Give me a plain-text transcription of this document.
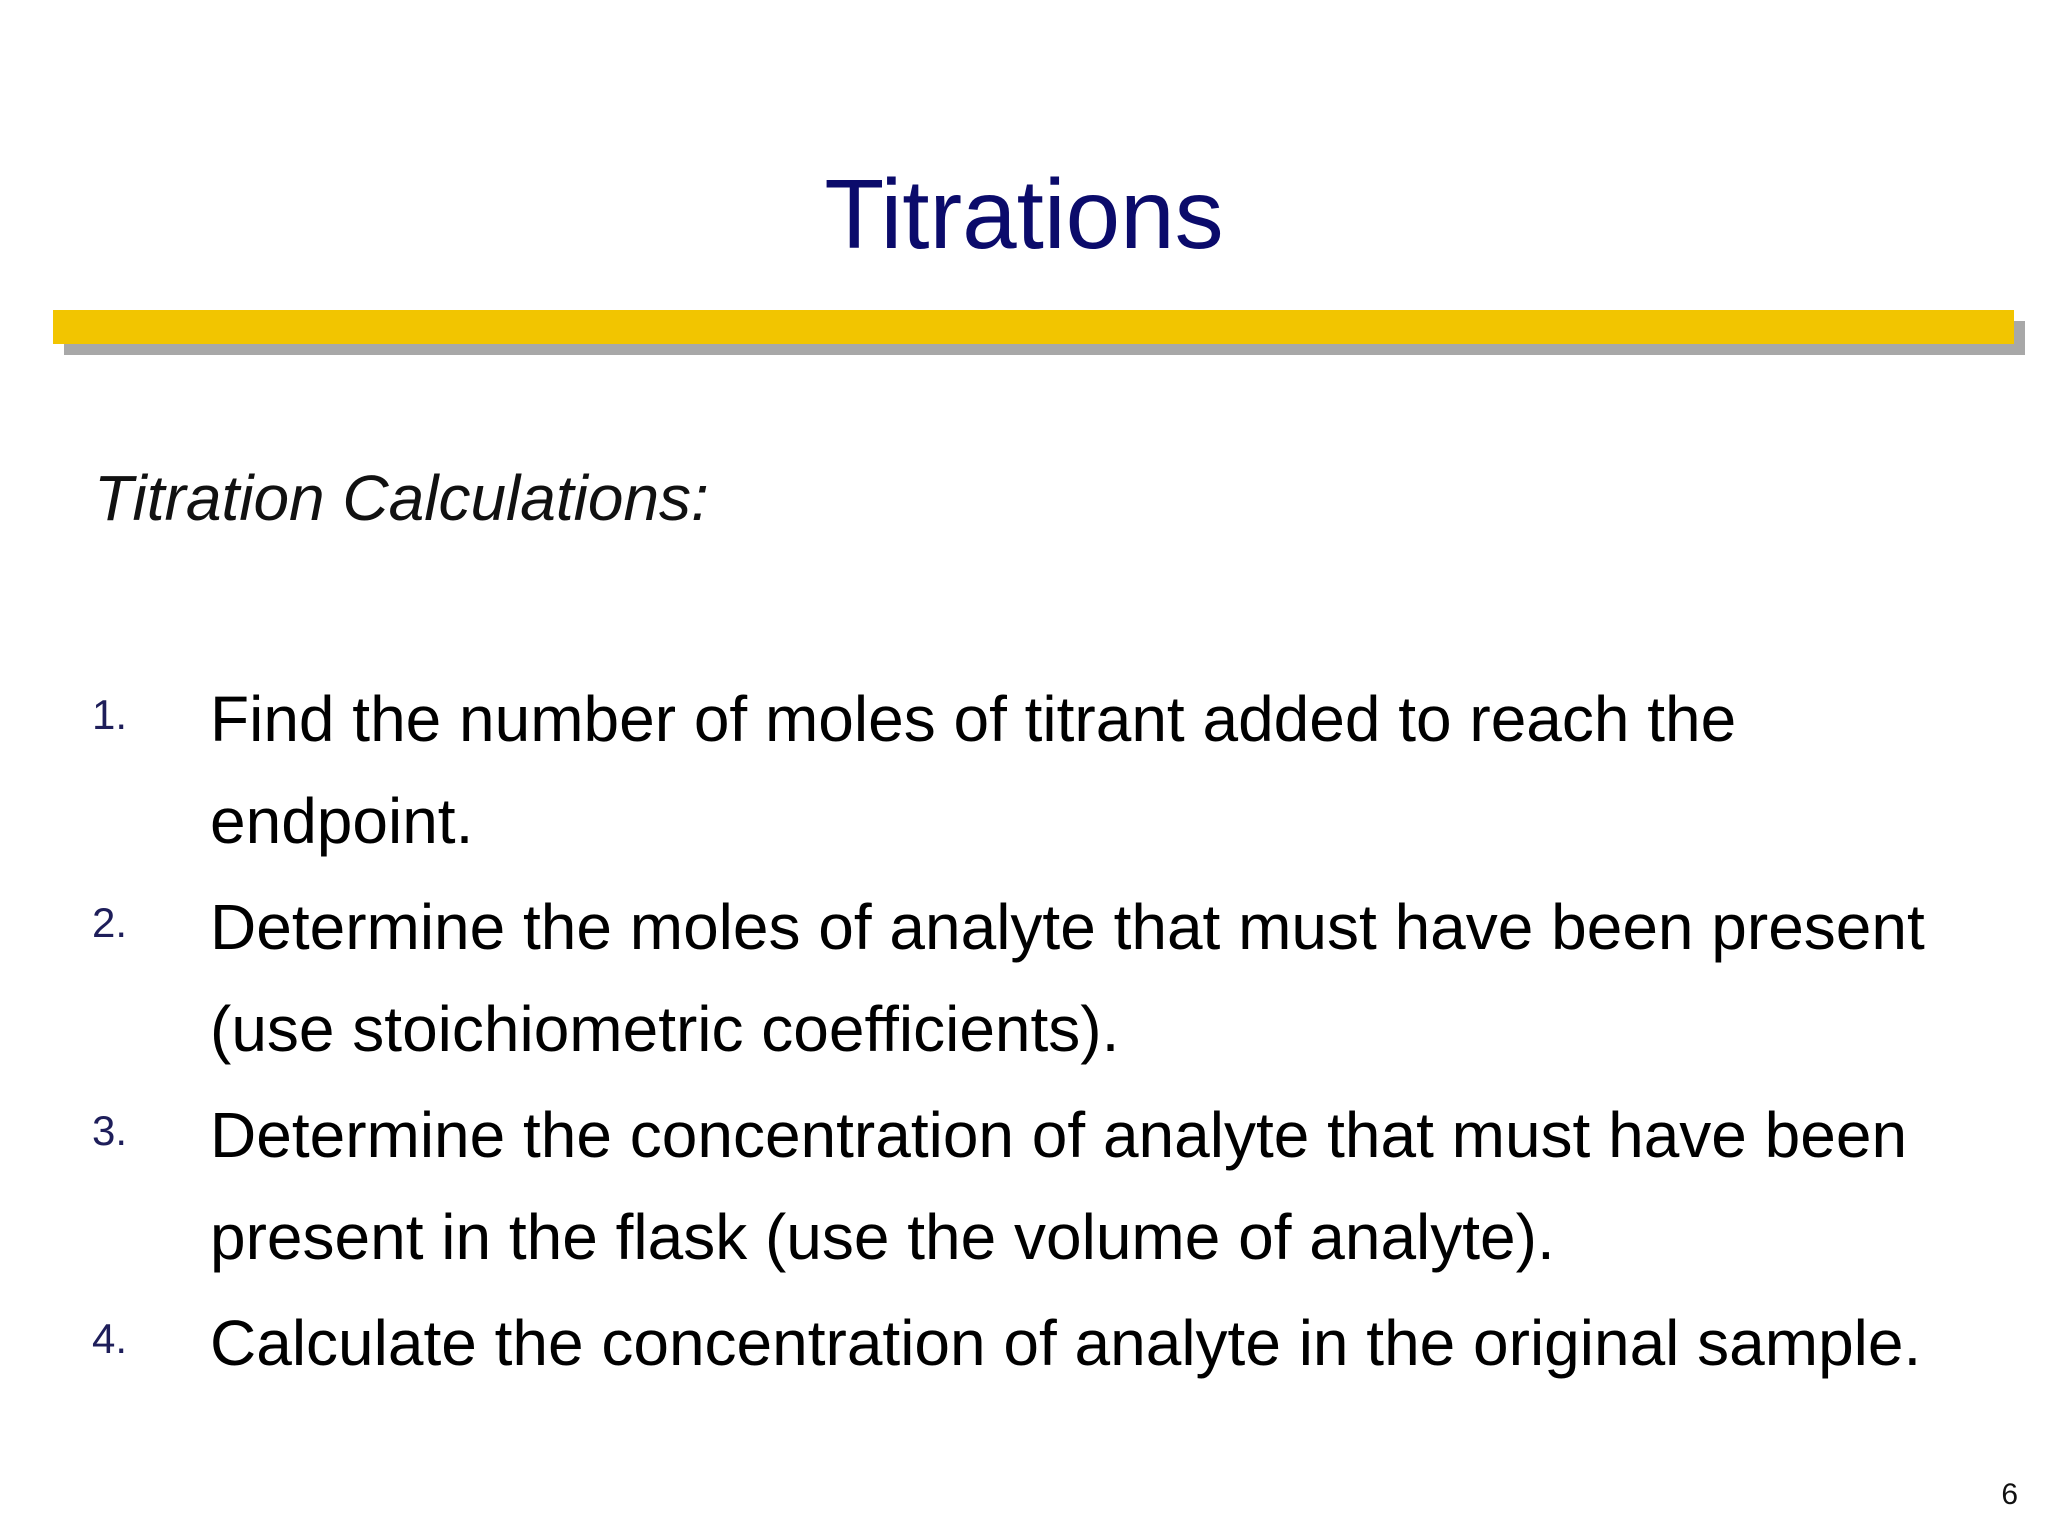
Titrations
Titration Calculations:
1. Find the number of moles of titrant added to reach the endpoint.
2. Determine the moles of analyte that must have been present (use stoichiometric coefficients).
3. Determine the concentration of analyte that must have been present in the flask (use the volume of analyte).
4. Calculate the concentration of analyte in the original sample.
6
